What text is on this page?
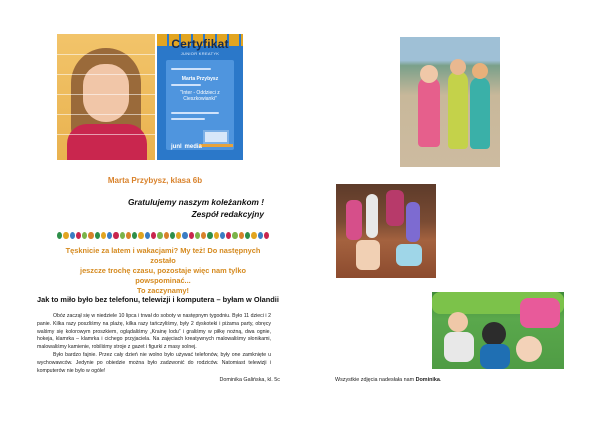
Certyfikat
JUNIOR KREATYK
Marta Przybysz
"Inter - Oddzieci z Cieszkowianki"
junl  media
Marta Przybysz, klasa 6b
Gratulujemy naszym koleżankom !
Zespół redakcyjny
Tęsknicie za latem i wakacjami? My też! Do następnych zostało
jeszcze trochę czasu, pozostaje więc nam tylko powspominać...
To zaczynamy!
Jak to miło było bez telefonu, telewizji i komputera – byłam w Olandii

Obóz zaczął się w niedziele 10 lipca i trwał do soboty w następnym tygodniu. Było 11 dzieci i 2 panie. Kilka razy poszliśmy na plażę, kilka razy tańczyliśmy, były 2 dyskoteki i piżama party, obręcy walśmy się kolorowym proszkiem, oglądaliśmy „Krainę lodu” i graliśmy w piłkę nożną, dwa ognie, hokeja, klamrka – klamrka i cichego przyjaciela. Na zajęciach kreatywnych malowaliśmy słonikami, malowaliśmy kamienie, robiliśmy stroje z gazet i figurki z masy solnej.

Było bardzo fajnie. Przez cały dzień nie wolno było używać telefonów, były one zamknięte u wychowawców. Jedynie po obiedzie można było zadzwonić do rodziców. Natomiast telewizji i komputerów nie było w ogóle!

Dominika Galińska, kl. 5c	Wszystkie zdjęcia nadesłała nam Dominika.
